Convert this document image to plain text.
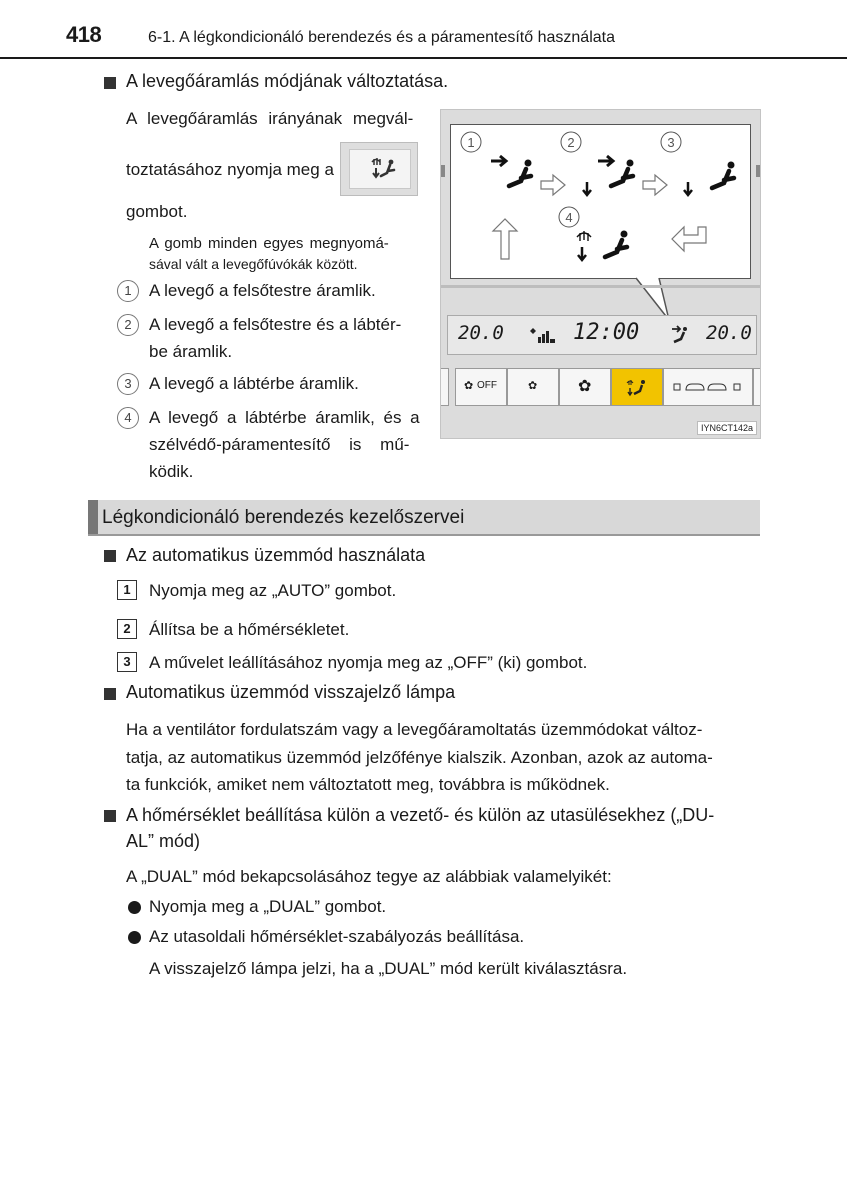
418	6-1. A légkondicionáló berendezés és a páramentesítő használata
A levegőáramlás módjának változtatása.
A levegőáramlás irányának megvál-
toztatásához nyomja meg a
gombot.
A gomb minden egyes megnyomá-
sával vált a levegőfúvókák között.
1	A levegő a felsőtestre áramlik.
2	A levegő a felsőtestre és a lábtér-
be áramlik.
3	A levegő a lábtérbe áramlik.
4	A levegő a lábtérbe áramlik, és a
szélvédő-páramentesítő is mű-
ködik.
1	2	3
4
20.0	12:00	20.0
✿ OFF	✿	✿
IYN6CT142a
Légkondicionáló berendezés kezelőszervei
Az automatikus üzemmód használata
1	Nyomja meg az „AUTO” gombot.
2	Állítsa be a hőmérsékletet.
3	A művelet leállításához nyomja meg az „OFF” (ki) gombot.
Automatikus üzemmód visszajelző lámpa
Ha a ventilátor fordulatszám vagy a levegőáramoltatás üzemmódokat változ-
tatja, az automatikus üzemmód jelzőfénye kialszik. Azonban, azok az automa-
ta funkciók, amiket nem változtatott meg, továbbra is működnek.
A hőmérséklet beállítása külön a vezető- és külön az utasülésekhez („DU-
AL” mód)
A „DUAL” mód bekapcsolásához tegye az alábbiak valamelyikét:
Nyomja meg a „DUAL” gombot.
Az utasoldali hőmérséklet-szabályozás beállítása.
A visszajelző lámpa jelzi, ha a „DUAL” mód került kiválasztásra.
